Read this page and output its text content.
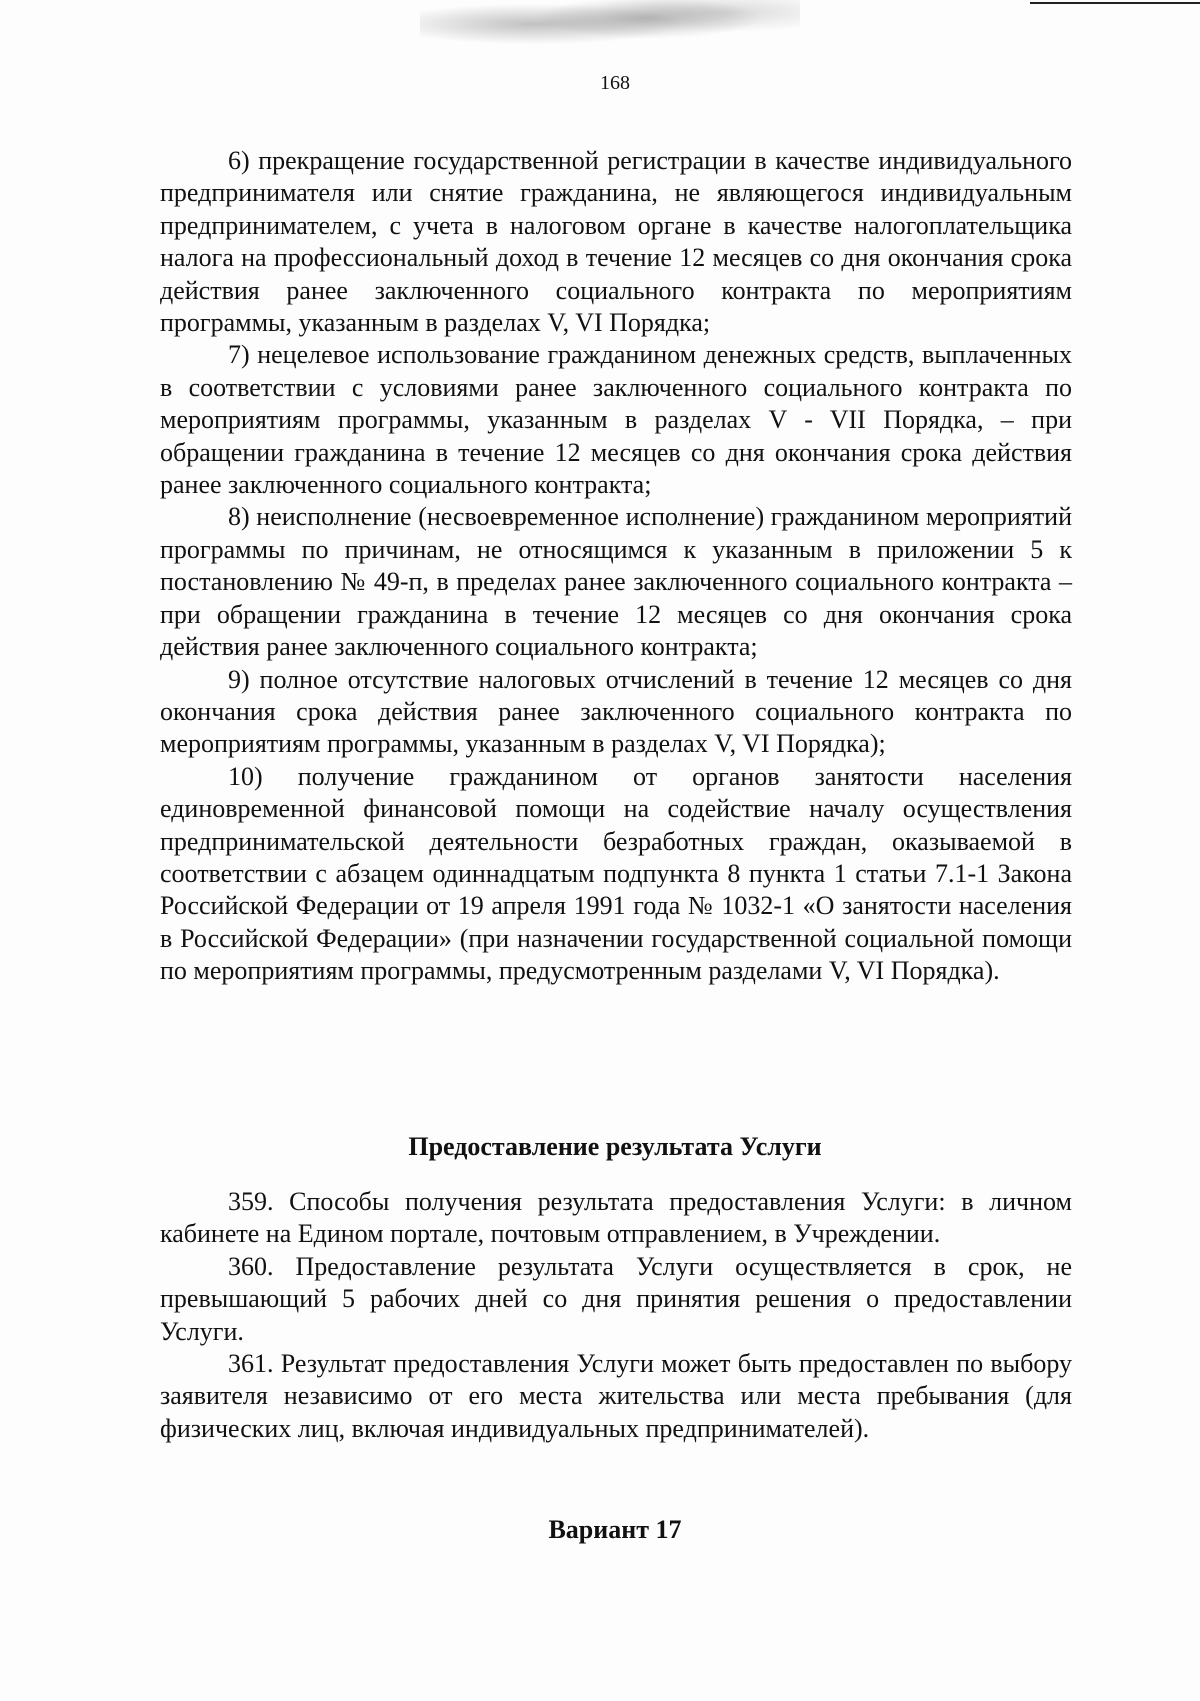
168

6) прекращение государственной регистрации в качестве индивидуального предпринимателя или снятие гражданина, не являющегося индивидуальным предпринимателем, с учета в налоговом органе в качестве налогоплательщика налога на профессиональный доход в течение 12 месяцев со дня окончания срока действия ранее заключенного социального контракта по мероприятиям программы, указанным в разделах V, VI Порядка;

7) нецелевое использование гражданином денежных средств, выплаченных в соответствии с условиями ранее заключенного социального контракта по мероприятиям программы, указанным в разделах V - VII Порядка, – при обращении гражданина в течение 12 месяцев со дня окончания срока действия ранее заключенного социального контракта;

8) неисполнение (несвоевременное исполнение) гражданином мероприятий программы по причинам, не относящимся к указанным в приложении 5 к постановлению № 49-п, в пределах ранее заключенного социального контракта – при обращении гражданина в течение 12 месяцев со дня окончания срока действия ранее заключенного социального контракта;

9) полное отсутствие налоговых отчислений в течение 12 месяцев со дня окончания срока действия ранее заключенного социального контракта по мероприятиям программы, указанным в разделах V, VI Порядка);

10) получение гражданином от органов занятости населения единовременной финансовой помощи на содействие началу осуществления предпринимательской деятельности безработных граждан, оказываемой в соответствии с абзацем одиннадцатым подпункта 8 пункта 1 статьи 7.1-1 Закона Российской Федерации от 19 апреля 1991 года № 1032-1 «О занятости населения в Российской Федерации» (при назначении государственной социальной помощи по мероприятиям программы, предусмотренным разделами V, VI Порядка).

Предоставление результата Услуги

359. Способы получения результата предоставления Услуги: в личном кабинете на Едином портале, почтовым отправлением, в Учреждении.

360. Предоставление результата Услуги осуществляется в срок, не превышающий 5 рабочих дней со дня принятия решения о предоставлении Услуги.

361. Результат предоставления Услуги может быть предоставлен по выбору заявителя независимо от его места жительства или места пребывания (для физических лиц, включая индивидуальных предпринимателей).

Вариант 17
